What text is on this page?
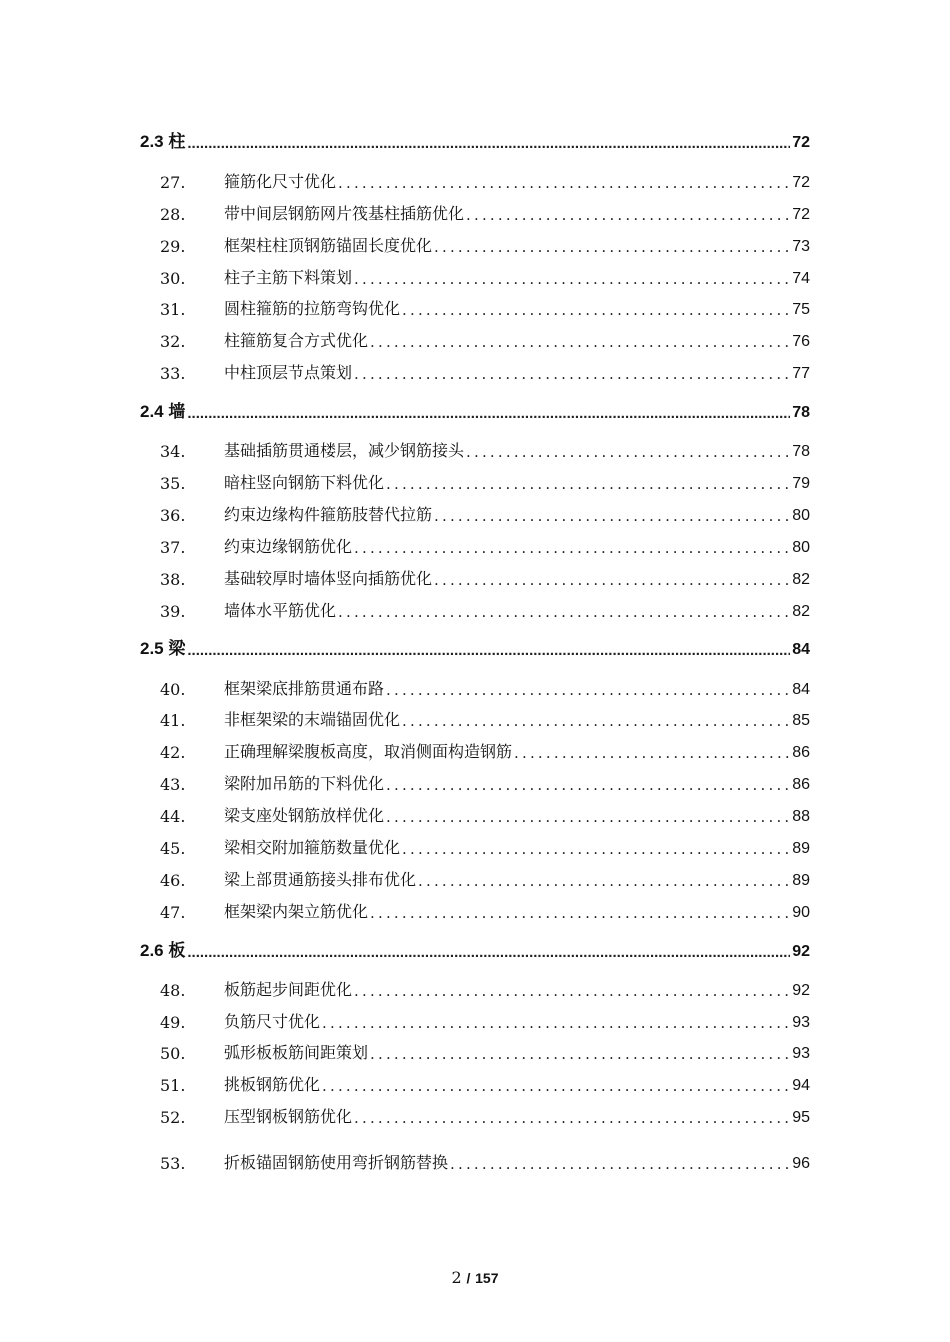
2.3 柱 .....	72
27.	箍筋化尺寸优化 .....	72
28.	带中间层钢筋网片筏基柱插筋优化 .....	72
29.	框架柱柱顶钢筋锚固长度优化 .....	73
30.	柱子主筋下料策划 .....	74
31.	圆柱箍筋的拉筋弯钩优化 .....	75
32.	柱箍筋复合方式优化 .....	76
33.	中柱顶层节点策划 .....	77
2.4 墙 .....	78
34.	基础插筋贯通楼层，减少钢筋接头 .....	78
35.	暗柱竖向钢筋下料优化 .....	79
36.	约束边缘构件箍筋肢替代拉筋 .....	80
37.	约束边缘钢筋优化 .....	80
38.	基础较厚时墙体竖向插筋优化 .....	82
39.	墙体水平筋优化 .....	82
2.5 梁 .....	84
40.	框架梁底排筋贯通布路 .....	84
41.	非框架梁的末端锚固优化 .....	85
42.	正确理解梁腹板高度，取消侧面构造钢筋 .....	86
43.	梁附加吊筋的下料优化 .....	86
44.	梁支座处钢筋放样优化 .....	88
45.	梁相交附加箍筋数量优化 .....	89
46.	梁上部贯通筋接头排布优化 .....	89
47.	框架梁内架立筋优化 .....	90
2.6 板 .....	92
48.	板筋起步间距优化 .....	92
49.	负筋尺寸优化 .....	93
50.	弧形板板筋间距策划 .....	93
51.	挑板钢筋优化 .....	94
52.	压型钢板钢筋优化 .....	95
53.	折板锚固钢筋使用弯折钢筋替换 .....	96
2 / 157
